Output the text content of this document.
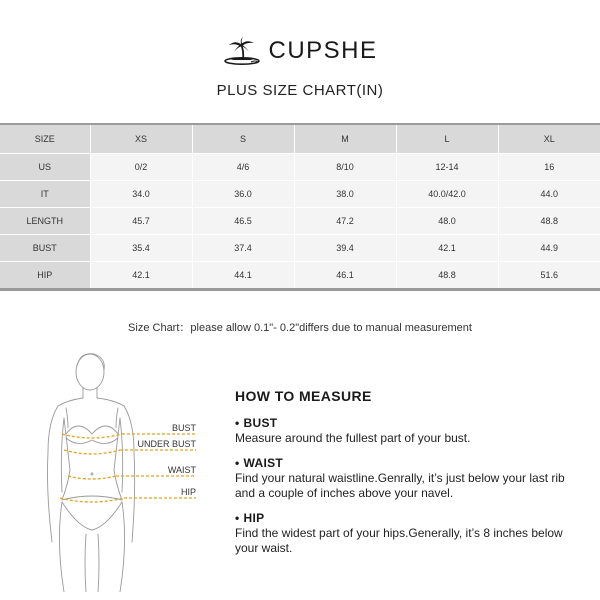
CUPSHE
PLUS SIZE CHART(IN)
SIZE	XS	S	M	L	XL
US	0/2	4/6	8/10	12-14	16
IT	34.0	36.0	38.0	40.0/42.0	44.0
LENGTH	45.7	46.5	47.2	48.0	48.8
BUST	35.4	37.4	39.4	42.1	44.9
HIP	42.1	44.1	46.1	48.8	51.6
Size Chart：please allow 0.1"- 0.2"differs due to manual measurement
BUST
UNDER BUST
WAIST
HIP
HOW TO MEASURE
• BUST
Measure around the fullest part of your bust.
• WAIST
Find your natural waistline.Genrally, it’s just below your last rib and a couple of inches above your navel.
• HIP
Find the widest part of your hips.Generally, it’s 8 inches below your waist.
